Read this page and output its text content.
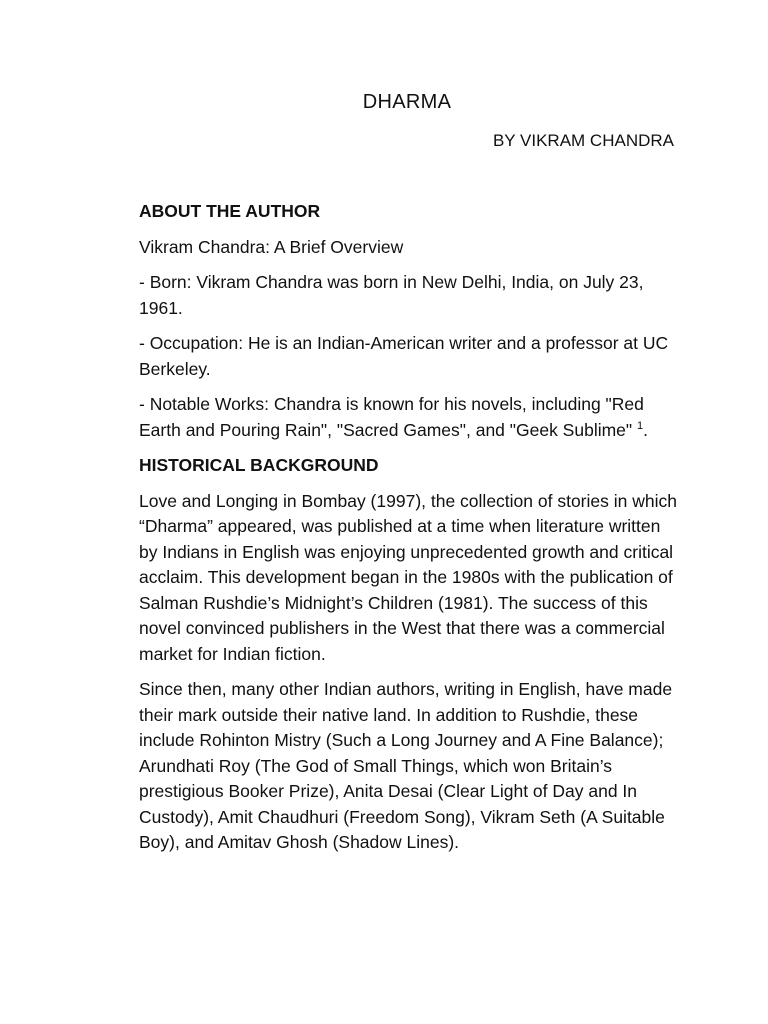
DHARMA
BY VIKRAM CHANDRA
ABOUT THE AUTHOR

Vikram Chandra: A Brief Overview

- Born: Vikram Chandra was born in New Delhi, India, on July 23, 1961.

- Occupation: He is an Indian-American writer and a professor at UC Berkeley.

- Notable Works: Chandra is known for his novels, including "Red Earth and Pouring Rain", "Sacred Games", and "Geek Sublime" $^1$.

HISTORICAL BACKGROUND

Love and Longing in Bombay (1997), the collection of stories in which “Dharma” appeared, was published at a time when literature written by Indians in English was enjoying unprecedented growth and critical acclaim. This development began in the 1980s with the publication of Salman Rushdie’s Midnight’s Children (1981). The success of this novel convinced publishers in the West that there was a commercial market for Indian fiction.

Since then, many other Indian authors, writing in English, have made their mark outside their native land. In addition to Rushdie, these include Rohinton Mistry (Such a Long Journey and A Fine Balance); Arundhati Roy (The God of Small Things, which won Britain’s prestigious Booker Prize), Anita Desai (Clear Light of Day and In Custody), Amit Chaudhuri (Freedom Song), Vikram Seth (A Suitable Boy), and Amitav Ghosh (Shadow Lines).
